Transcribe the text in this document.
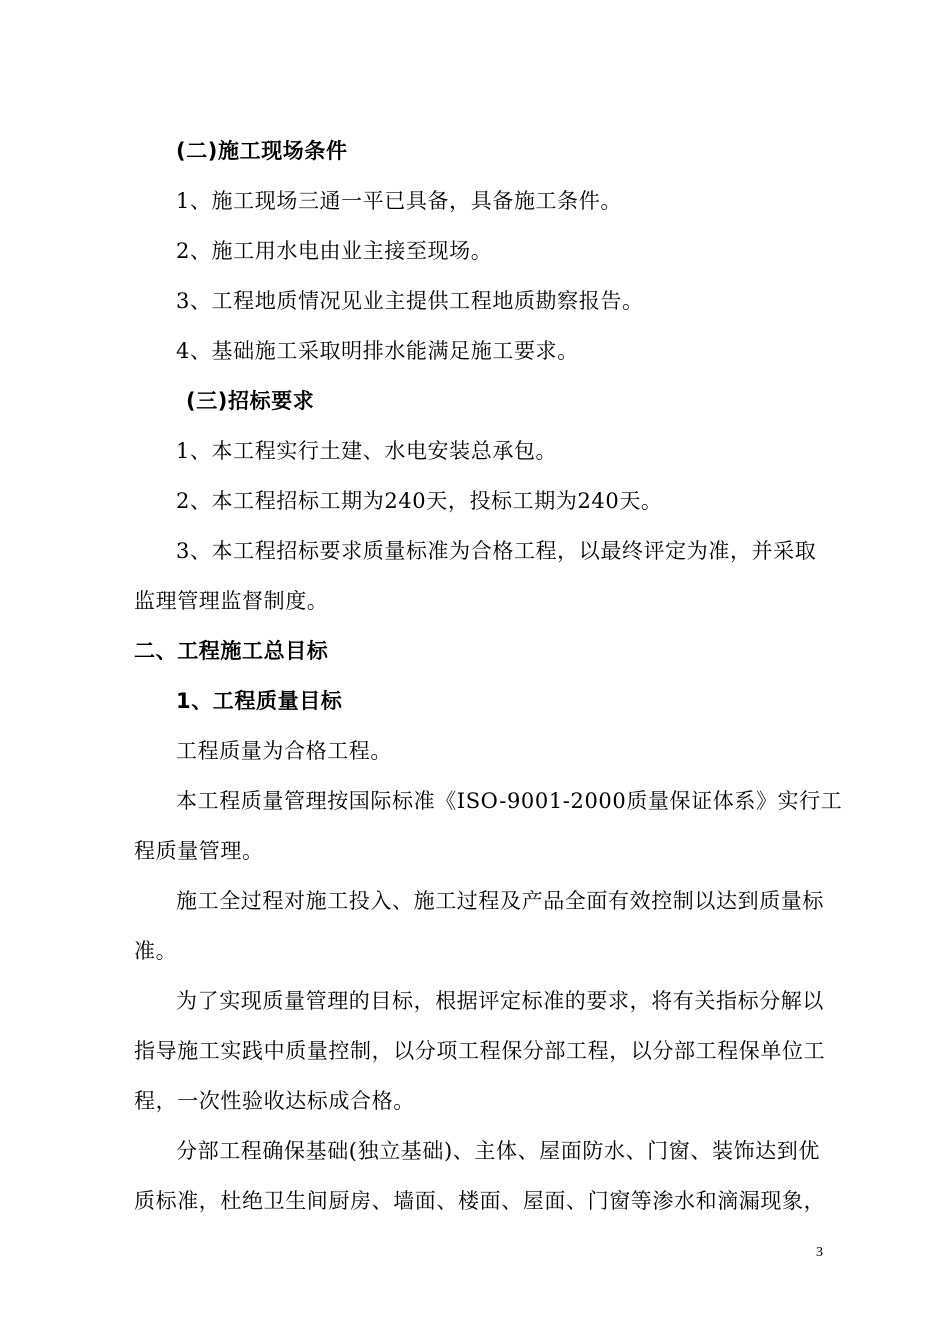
(二)施工现场条件
1、施工现场三通一平已具备，具备施工条件。
2、施工用水电由业主接至现场。
3、工程地质情况见业主提供工程地质勘察报告。
4、基础施工采取明排水能满足施工要求。
(三)招标要求
1、本工程实行土建、水电安装总承包。
2、本工程招标工期为240天，投标工期为240天。
3、本工程招标要求质量标准为合格工程，以最终评定为准，并采取
监理管理监督制度。
二、工程施工总目标
1、工程质量目标
工程质量为合格工程。
本工程质量管理按国际标准《ISO-9001-2000质量保证体系》实行工
程质量管理。
施工全过程对施工投入、施工过程及产品全面有效控制以达到质量标
准。
为了实现质量管理的目标，根据评定标准的要求，将有关指标分解以
指导施工实践中质量控制，以分项工程保分部工程，以分部工程保单位工
程，一次性验收达标成合格。
分部工程确保基础(独立基础)、主体、屋面防水、门窗、装饰达到优
质标准，杜绝卫生间厨房、墙面、楼面、屋面、门窗等渗水和滴漏现象，
3
